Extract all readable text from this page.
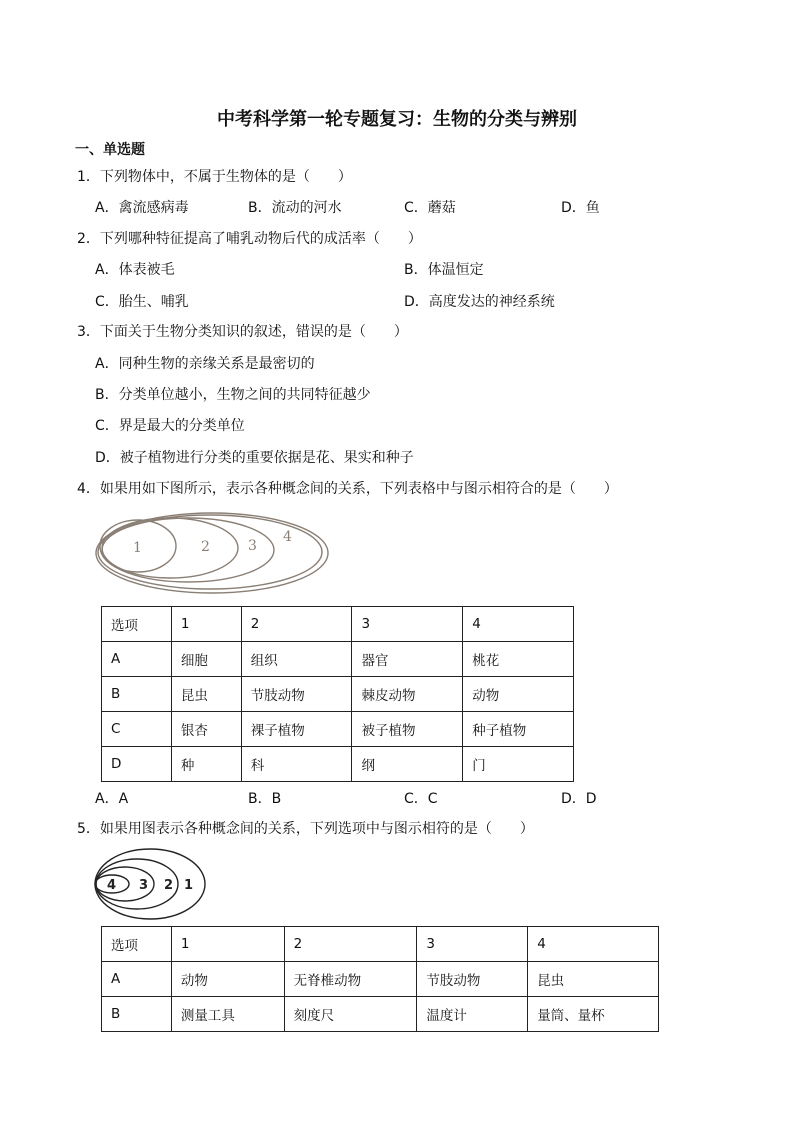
中考科学第一轮专题复习：生物的分类与辨别
一、单选题
1．下列物体中，不属于生物体的是（　　）
A．禽流感病毒	B．流动的河水	C．蘑菇	D．鱼
2．下列哪种特征提高了哺乳动物后代的成活率（　　）
A．体表被毛	B．体温恒定
C．胎生、哺乳	D．高度发达的神经系统
3．下面关于生物分类知识的叙述，错误的是（　　）
A．同种生物的亲缘关系是最密切的
B．分类单位越小，生物之间的共同特征越少
C．界是最大的分类单位
D．被子植物进行分类的重要依据是花、果实和种子
4．如果用如下图所示，表示各种概念间的关系，下列表格中与图示相符合的是（　　）
1	2	3
4
选项	1	2	3	4
A	细胞	组织	器官	桃花
B	昆虫	节肢动物	棘皮动物	动物
C	银杏	裸子植物	被子植物	种子植物
D	种	科	纲	门
A．A	B．B	C．C	D．D
5．如果用图表示各种概念间的关系，下列选项中与图示相符的是（　　）
4 3 2 1
选项	1	2	3	4
A	动物	无脊椎动物	节肢动物	昆虫
B	测量工具	刻度尺	温度计	量筒、量杯
